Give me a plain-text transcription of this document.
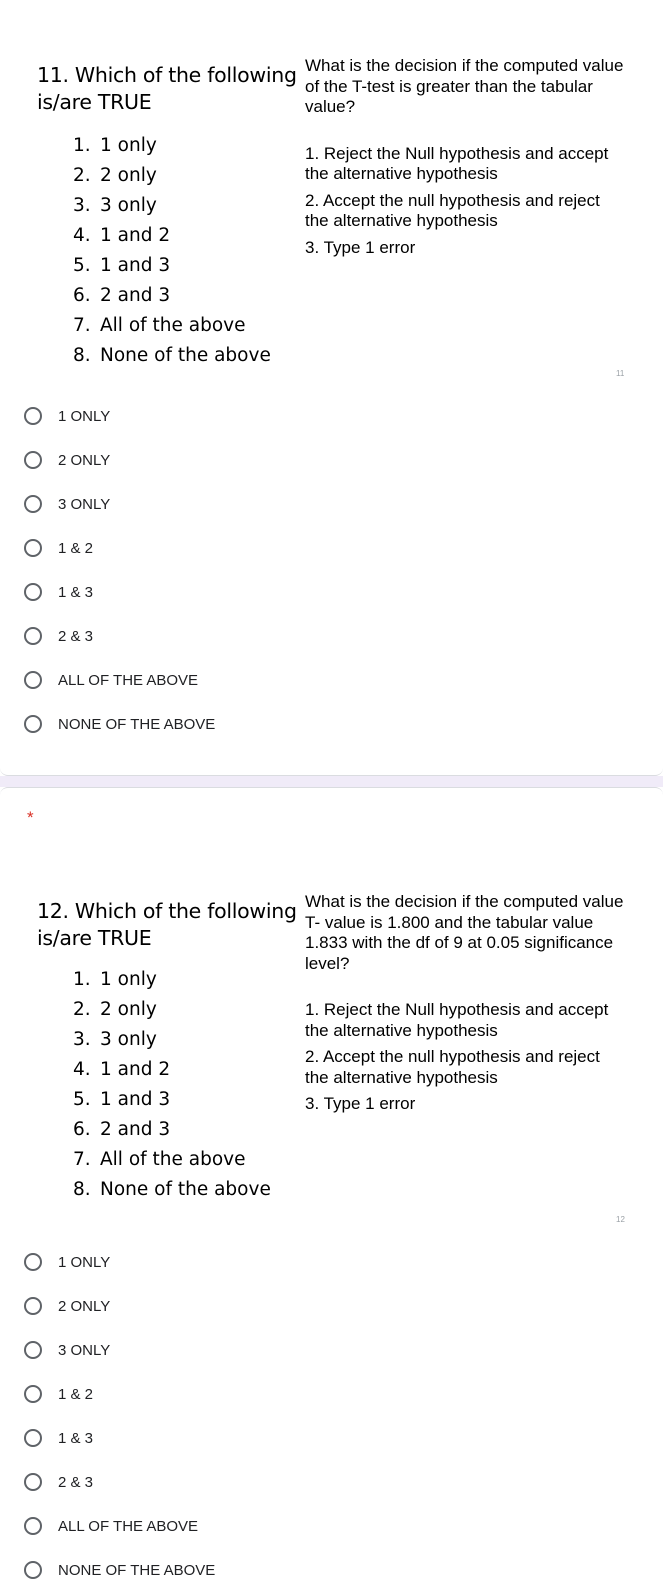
11. Which of the following is/are TRUE
1. 1 only
2. 2 only
3. 3 only
4. 1 and 2
5. 1 and 3
6. 2 and 3
7. All of the above
8. None of the above

What is the decision if the computed value of the T-test is greater than the tabular value?

1. Reject the Null hypothesis and accept the alternative hypothesis

2. Accept the null hypothesis and reject the alternative hypothesis

3. Type 1 error

11
1 ONLY
2 ONLY
3 ONLY
1 & 2
1 & 3
2 & 3
ALL OF THE ABOVE
NONE OF THE ABOVE
*
12. Which of the following is/are TRUE
1. 1 only
2. 2 only
3. 3 only
4. 1 and 2
5. 1 and 3
6. 2 and 3
7. All of the above
8. None of the above

What is the decision if the computed value T- value is 1.800 and the tabular value 1.833 with the df of 9 at 0.05 significance level?

1. Reject the Null hypothesis and accept the alternative hypothesis

2. Accept the null hypothesis and reject the alternative hypothesis

3. Type 1 error

12
1 ONLY
2 ONLY
3 ONLY
1 & 2
1 & 3
2 & 3
ALL OF THE ABOVE
NONE OF THE ABOVE
